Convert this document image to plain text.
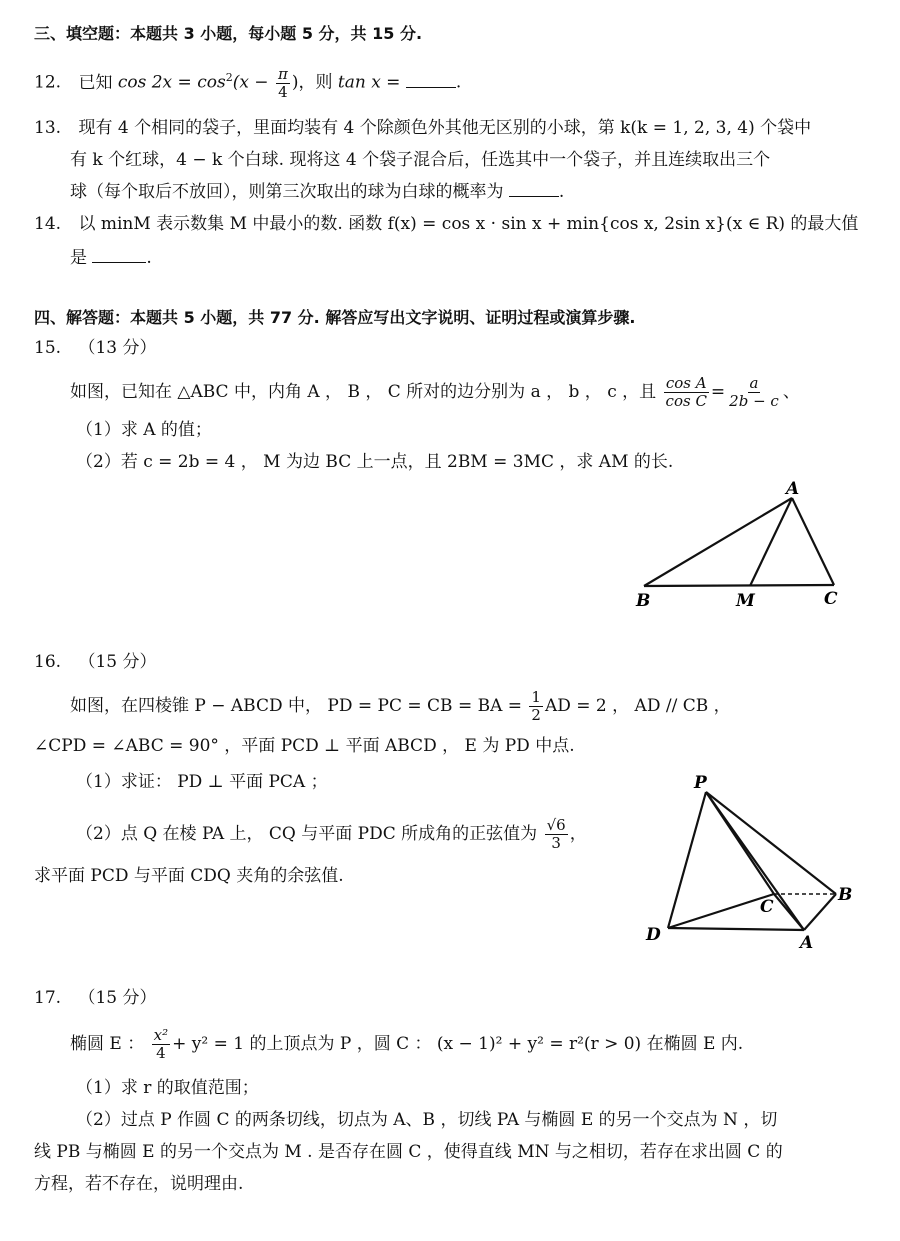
三、填空题：本题共 3 小题，每小题 5 分，共 15 分.
12. 已知 $\cos 2x = \cos^2(x - \frac{\pi}{4}$ )，则 tan x =	.
13. 现有 4 个相同的袋子，里面均装有 4 个除颜色外其他无区别的小球，第 k(k = 1, 2, 3, 4) 个袋中
有 k 个红球，4 − k 个白球. 现将这 4 个袋子混合后，任选其中一个袋子，并且连续取出三个
球（每个取后不放回），则第三次取出的球为白球的概率为	.
14. 以 minM 表示数集 M 中最小的数. 函数 f(x) = cos x · sin x + min{cos x, 2sin x}(x ∈ R) 的最大值
是	.
四、解答题：本题共 5 小题，共 77 分. 解答应写出文字说明、证明过程或演算步骤.
15. （13 分）
如图，已知在 △ABC 中，内角 A ， B ， C 所对的边分别为 a ， b ， c ，且 $\frac{\text{cos A}}{\text{cos C}} = \frac{a}{2b - c}$ 、
（1）求 A 的值；
（2）若 c = 2b = 4 ， M 为边 BC 上一点，且 2BM = 3MC ，求 AM 的长.
A
B	M	C
16. （15 分）
如图，在四棱锥 P − ABCD 中， PD = PC = CB = BA = $\frac{1}{2}$ AD = 2 ， AD // CB ，
∠CPD = ∠ABC = 90° ，平面 PCD ⊥ 平面 ABCD ， E 为 PD 中点.
（1）求证： PD ⊥ 平面 PCA ；
（2）点 Q 在棱 PA 上， CQ 与平面 PDC 所成角的正弦值为 $\frac{√6}{3}$ ，
求平面 PCD 与平面 CDQ 夹角的余弦值.
P
C
B
D	A
17. （15 分）
椭圆 E ： $\frac{\text{x²}}{4} + y^2 = 1$ 的上顶点为 P ，圆 C ： (x − 1)² + y² = r²(r > 0) 在椭圆 E 内.
（1）求 r 的取值范围；
（2）过点 P 作圆 C 的两条切线，切点为 A、B ，切线 PA 与椭圆 E 的另一个交点为 N ，切
线 PB 与椭圆 E 的另一个交点为 M . 是否存在圆 C ，使得直线 MN 与之相切，若存在求出圆 C 的
方程，若不存在，说明理由.
